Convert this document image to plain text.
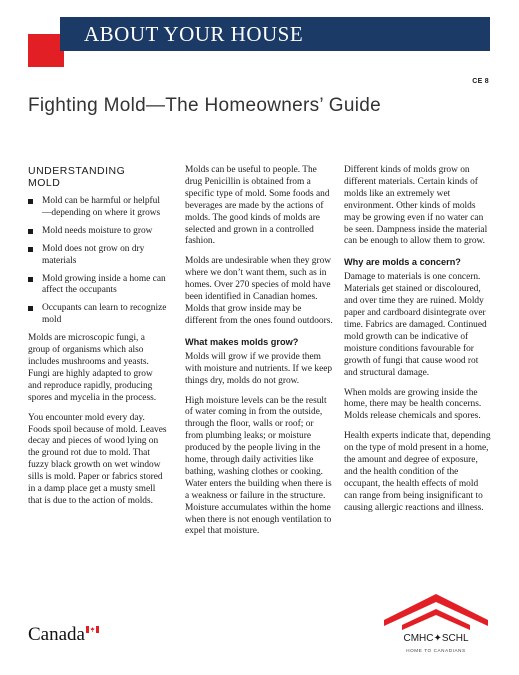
ABOUT YOUR HOUSE
CE 8
Fighting Mold—The Homeowners’ Guide
UNDERSTANDING
MOLD
Mold can be harmful or helpful —depending on where it grows
Mold needs moisture to grow
Mold does not grow on dry materials
Mold growing inside a home can affect the occupants
Occupants can learn to recognize mold

Molds are microscopic fungi, a group of organisms which also includes mushrooms and yeasts. Fungi are highly adapted to grow and reproduce rapidly, producing spores and mycelia in the process.

You encounter mold every day. Foods spoil because of mold. Leaves decay and pieces of wood lying on the ground rot due to mold. That fuzzy black growth on wet window sills is mold. Paper or fabrics stored in a damp place get a musty smell that is due to the action of molds.

Molds can be useful to people. The drug Penicillin is obtained from a specific type of mold. Some foods and beverages are made by the actions of molds. The good kinds of molds are selected and grown in a controlled fashion.

Molds are undesirable when they grow where we don’t want them, such as in homes. Over 270 species of mold have been identified in Canadian homes. Molds that grow inside may be different from the ones found outdoors.

What makes molds grow?

Molds will grow if we provide them with moisture and nutrients. If we keep things dry, molds do not grow.

High moisture levels can be the result of water coming in from the outside, through the floor, walls or roof; or from plumbing leaks; or moisture produced by the people living in the home, through daily activities like bathing, washing clothes or cooking. Water enters the building when there is a weakness or failure in the structure. Moisture accumulates within the home when there is not enough ventilation to expel that moisture.

Different kinds of molds grow on different materials. Certain kinds of molds like an extremely wet environment. Other kinds of molds may be growing even if no water can be seen. Dampness inside the material can be enough to allow them to grow.

Why are molds a concern?

Damage to materials is one concern. Materials get stained or discoloured, and over time they are ruined. Moldy paper and cardboard disintegrate over time. Fabrics are damaged. Continued mold growth can be indicative of moisture conditions favourable for growth of fungi that cause wood rot and structural damage.

When molds are growing inside the home, there may be health concerns. Molds release chemicals and spores.

Health experts indicate that, depending on the type of mold present in a home, the amount and degree of exposure, and the health condition of the occupant, the health effects of mold can range from being insignificant to causing allergic reactions and illness.

Canada	CMHC✦SCHL
HOME TO CANADIANS
